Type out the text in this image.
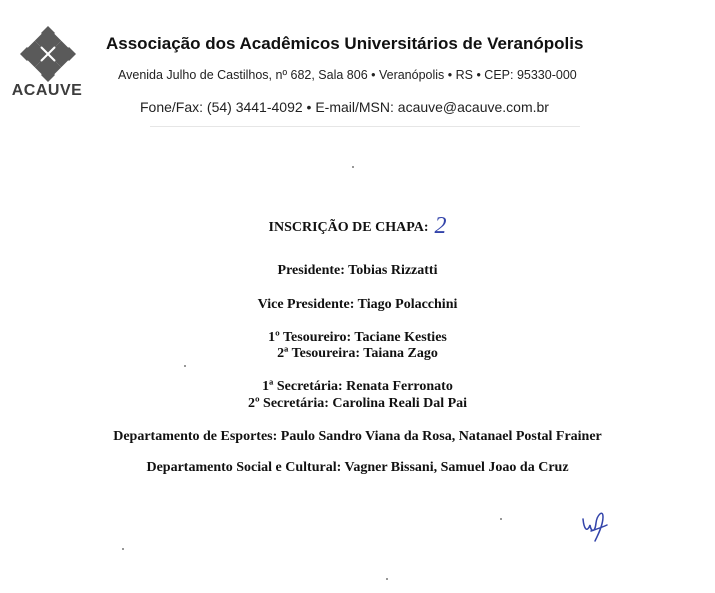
ACAUVE
Associação dos Acadêmicos Universitários de Veranópolis
Avenida Julho de Castilhos, nº 682, Sala 806 • Veranópolis • RS • CEP: 95330-000
Fone/Fax: (54) 3441-4092 • E-mail/MSN: acauve@acauve.com.br
INSCRIÇÃO DE CHAPA: 2
Presidente: Tobias Rizzatti
Vice Presidente: Tiago Polacchini
1º Tesoureiro: Taciane Kesties
2ª Tesoureira: Taiana Zago
1ª Secretária: Renata Ferronato
2º Secretária: Carolina Reali Dal Pai
Departamento de Esportes: Paulo Sandro Viana da Rosa, Natanael Postal Frainer
Departamento Social e Cultural: Vagner Bissani, Samuel Joao da Cruz
